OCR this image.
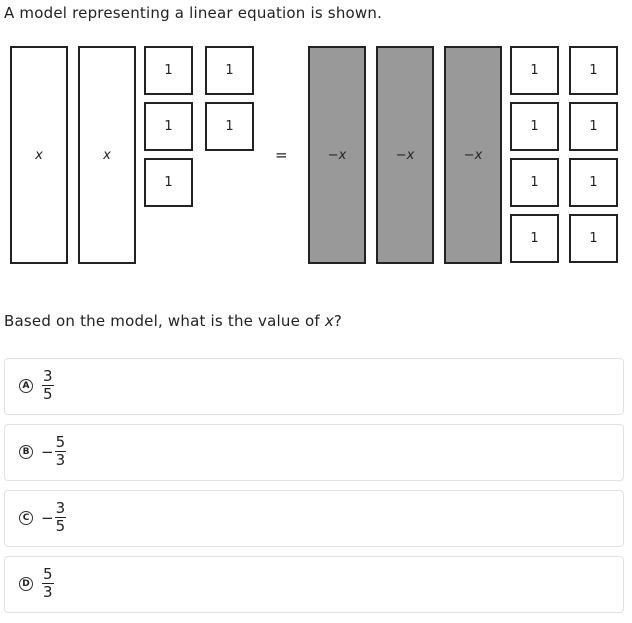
A model representing a linear equation is shown.
x	x
1	1
1	1
1
=	−x	−x	−x
1	1
1	1
1	1
1	1
Based on the model, what is the value of x?
A $\frac{3}{5}$
$B - \frac{5}{3}$
$C - \frac{3}{5}$
D $\frac{5}{3}$
